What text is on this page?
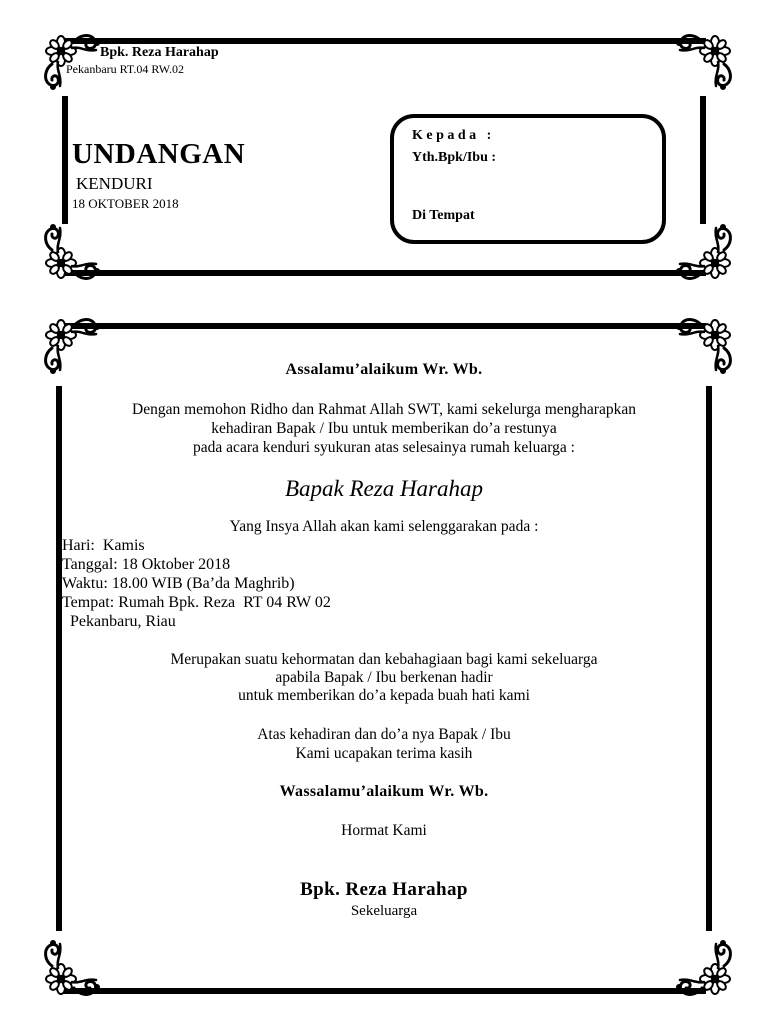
Bpk. Reza Harahap
Pekanbaru RT.04 RW.02
UNDANGAN
KENDURI
18 OKTOBER 2018
K e p a d a   :
Yth.Bpk/Ibu :
Di Tempat
Assalamu’alaikum Wr. Wb.
Dengan memohon Ridho dan Rahmat Allah SWT, kami sekelurga mengharapkan
kehadiran Bapak / Ibu untuk memberikan do’a restunya
pada acara kenduri syukuran atas selesainya rumah keluarga :
Bapak Reza Harahap
Yang Insya Allah akan kami selenggarakan pada :
Hari:  Kamis
Tanggal: 18 Oktober 2018
Waktu: 18.00 WIB (Ba’da Maghrib)
Tempat: Rumah Bpk. Reza  RT 04 RW 02
Pekanbaru, Riau
Merupakan suatu kehormatan dan kebahagiaan bagi kami sekeluarga
apabila Bapak / Ibu berkenan hadir
untuk memberikan do’a kepada buah hati kami
Atas kehadiran dan do’a nya Bapak / Ibu
Kami ucapakan terima kasih
Wassalamu’alaikum Wr. Wb.
Hormat Kami
Bpk. Reza Harahap
Sekeluarga
